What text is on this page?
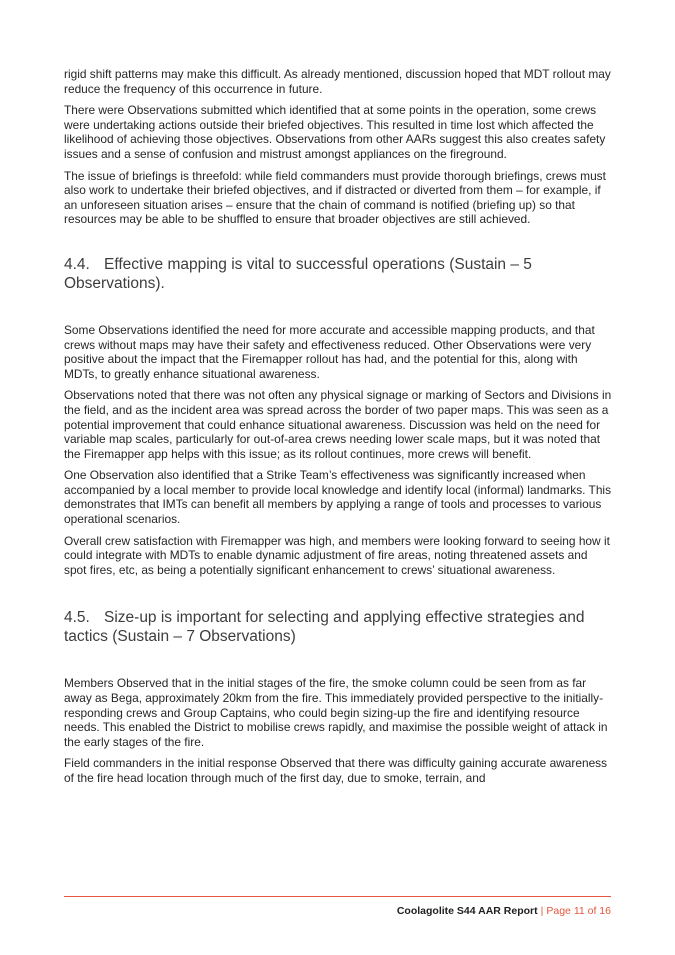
rigid shift patterns may make this difficult. As already mentioned, discussion hoped that MDT rollout may reduce the frequency of this occurrence in future.

There were Observations submitted which identified that at some points in the operation, some crews were undertaking actions outside their briefed objectives. This resulted in time lost which affected the likelihood of achieving those objectives. Observations from other AARs suggest this also creates safety issues and a sense of confusion and mistrust amongst appliances on the fireground.

The issue of briefings is threefold: while field commanders must provide thorough briefings, crews must also work to undertake their briefed objectives, and if distracted or diverted from them – for example, if an unforeseen situation arises – ensure that the chain of command is notified (briefing up) so that resources may be able to be shuffled to ensure that broader objectives are still achieved.

4.4. Effective mapping is vital to successful operations (Sustain – 5 Observations).

Some Observations identified the need for more accurate and accessible mapping products, and that crews without maps may have their safety and effectiveness reduced. Other Observations were very positive about the impact that the Firemapper rollout has had, and the potential for this, along with MDTs, to greatly enhance situational awareness.

Observations noted that there was not often any physical signage or marking of Sectors and Divisions in the field, and as the incident area was spread across the border of two paper maps. This was seen as a potential improvement that could enhance situational awareness. Discussion was held on the need for variable map scales, particularly for out-of-area crews needing lower scale maps, but it was noted that the Firemapper app helps with this issue; as its rollout continues, more crews will benefit.

One Observation also identified that a Strike Team’s effectiveness was significantly increased when accompanied by a local member to provide local knowledge and identify local (informal) landmarks. This demonstrates that IMTs can benefit all members by applying a range of tools and processes to various operational scenarios.

Overall crew satisfaction with Firemapper was high, and members were looking forward to seeing how it could integrate with MDTs to enable dynamic adjustment of fire areas, noting threatened assets and spot fires, etc, as being a potentially significant enhancement to crews’ situational awareness.

4.5. Size-up is important for selecting and applying effective strategies and tactics (Sustain – 7 Observations)

Members Observed that in the initial stages of the fire, the smoke column could be seen from as far away as Bega, approximately 20km from the fire. This immediately provided perspective to the initially-responding crews and Group Captains, who could begin sizing-up the fire and identifying resource needs. This enabled the District to mobilise crews rapidly, and maximise the possible weight of attack in the early stages of the fire.

Field commanders in the initial response Observed that there was difficulty gaining accurate awareness of the fire head location through much of the first day, due to smoke, terrain, and

Coolagolite S44 AAR Report | Page 11 of 16
